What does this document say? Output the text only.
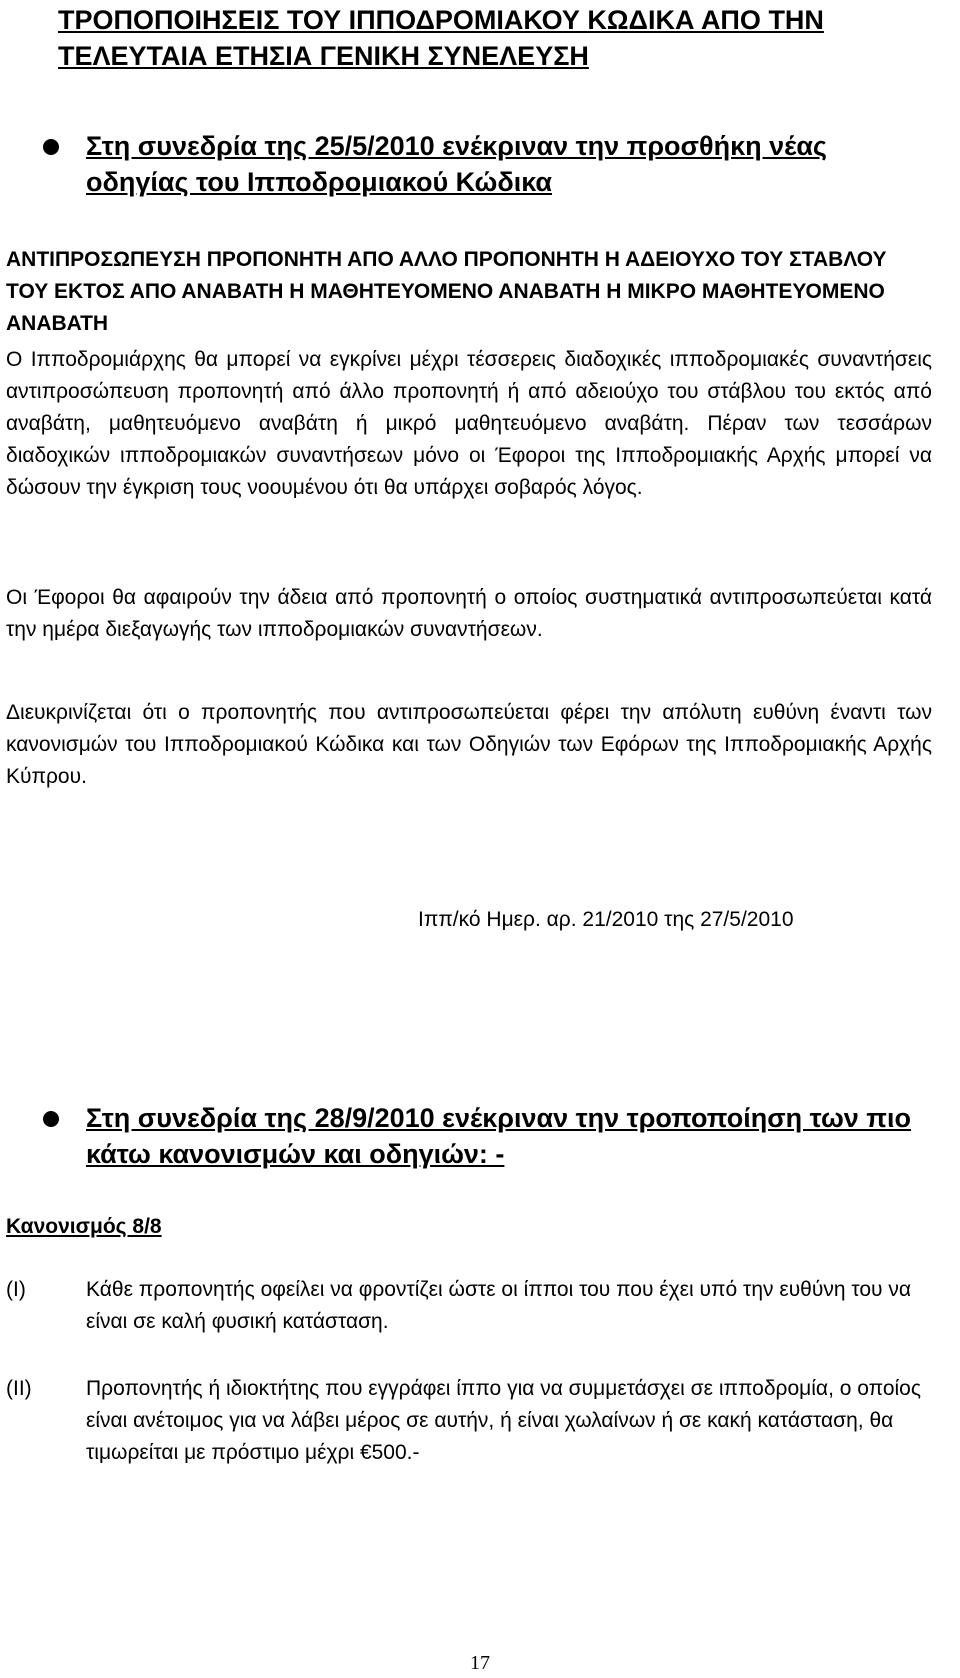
ΤΡΟΠΟΠΟΙΗΣΕΙΣ ΤΟΥ ΙΠΠΟΔΡΟΜΙΑΚΟΥ ΚΩΔΙΚΑ ΑΠΟ ΤΗΝ ΤΕΛΕΥΤΑΙΑ ΕΤΗΣΙΑ ΓΕΝΙΚΗ ΣΥΝΕΛΕΥΣΗ
Στη συνεδρία της 25/5/2010 ενέκριναν την προσθήκη νέας οδηγίας του Ιπποδρομιακού Κώδικα
ΑΝΤΙΠΡΟΣΩΠΕΥΣΗ ΠΡΟΠΟΝΗΤΗ ΑΠΟ ΑΛΛΟ ΠΡΟΠΟΝΗΤΗ Η ΑΔΕΙΟΥΧΟ ΤΟΥ ΣΤΑΒΛΟΥ ΤΟΥ ΕΚΤΟΣ ΑΠΟ ΑΝΑΒΑΤΗ Η ΜΑΘΗΤΕΥΟΜΕΝΟ ΑΝΑΒΑΤΗ Η ΜΙΚΡΟ ΜΑΘΗΤΕΥΟΜΕΝΟ ΑΝΑΒΑΤΗ
Ο Ιπποδρομιάρχης θα μπορεί να εγκρίνει μέχρι τέσσερεις διαδοχικές ιπποδρομιακές συναντήσεις αντιπροσώπευση προπονητή από άλλο προπονητή ή από αδειούχο του στάβλου του εκτός από αναβάτη, μαθητευόμενο αναβάτη ή μικρό μαθητευόμενο αναβάτη. Πέραν των τεσσάρων διαδοχικών ιπποδρομιακών συναντήσεων μόνο οι Έφοροι της Ιπποδρομιακής Αρχής μπορεί να δώσουν την έγκριση τους νοουμένου ότι θα υπάρχει σοβαρός λόγος.
Οι Έφοροι θα αφαιρούν την άδεια από προπονητή ο οποίος συστηματικά αντιπροσωπεύεται κατά την ημέρα διεξαγωγής των ιπποδρομιακών συναντήσεων.
Διευκρινίζεται ότι ο προπονητής που αντιπροσωπεύεται φέρει την απόλυτη ευθύνη έναντι των κανονισμών του Ιπποδρομιακού Κώδικα και των Οδηγιών των Εφόρων της Ιπποδρομιακής Αρχής Κύπρου.
Ιππ/κό Ημερ. αρ. 21/2010 της 27/5/2010
Στη συνεδρία της 28/9/2010 ενέκριναν την τροποποίηση των πιο κάτω κανονισμών και οδηγιών: -
Κανονισμός 8/8
(I)	Κάθε προπονητής οφείλει να φροντίζει ώστε οι ίπποι του που έχει υπό την ευθύνη του να είναι σε καλή φυσική κατάσταση.
(II)	Προπονητής ή ιδιοκτήτης που εγγράφει ίππο για να συμμετάσχει σε ιπποδρομία, ο οποίος είναι ανέτοιμος για να λάβει μέρος σε αυτήν, ή είναι χωλαίνων ή σε κακή κατάσταση, θα τιμωρείται με πρόστιμο μέχρι €500.-
17
